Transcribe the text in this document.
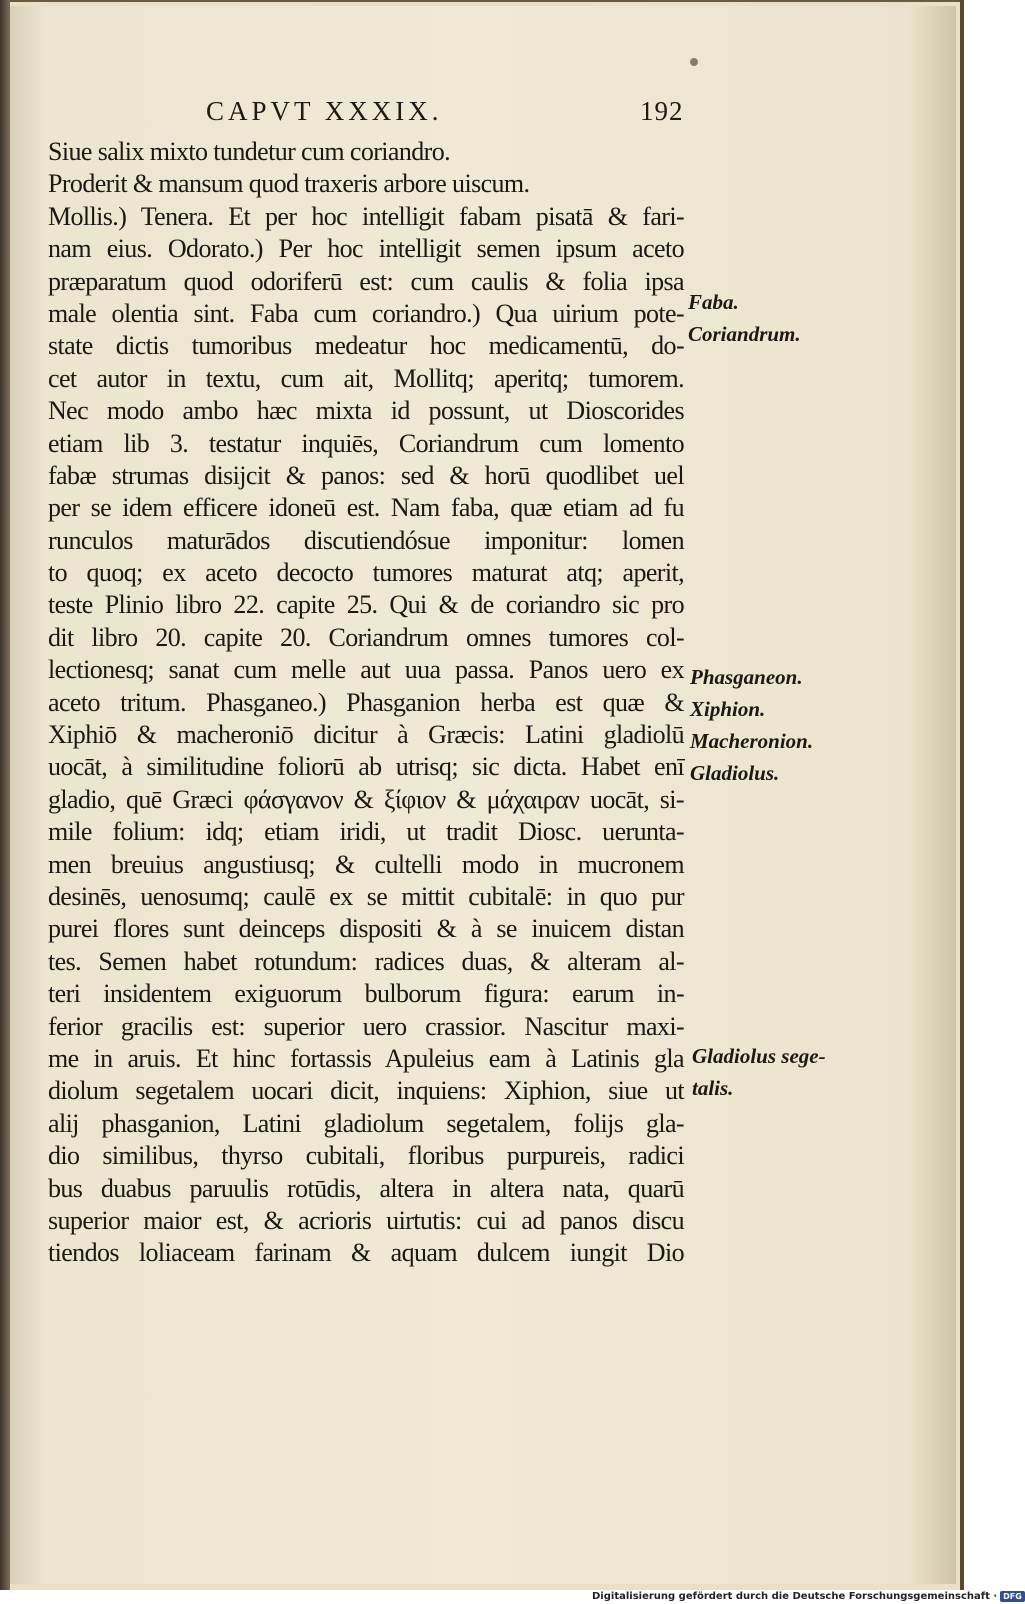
CAPVT XXXIX.	192
Siue salix mixto tundetur cum coriandro.
Proderit & mansum quod traxeris arbore uiscum.
Mollis.) Tenera. Et per hoc intelligit fabam pisatā & fari-
nam eius. Odorato.) Per hoc intelligit semen ipsum aceto
præparatum quod odoriferū est: cum caulis & folia ipsa
male olentia sint. Faba cum coriandro.) Qua uirium pote-
state dictis tumoribus medeatur hoc medicamentū, do-
cet autor in textu, cum ait, Mollitq; aperitq; tumorem.
Nec modo ambo hæc mixta id possunt, ut Dioscorides
etiam lib 3. testatur inquiēs, Coriandrum cum lomento
fabæ strumas disijcit & panos: sed & horū quodlibet uel
per se idem efficere idoneū est. Nam faba, quæ etiam ad fu
runculos maturādos discutiendósue imponitur: lomen
to quoq; ex aceto decocto tumores maturat atq; aperit,
teste Plinio libro 22. capite 25. Qui & de coriandro sic pro
dit libro 20. capite 20. Coriandrum omnes tumores col-
lectionesq; sanat cum melle aut uua passa. Panos uero ex
aceto tritum. Phasganeo.) Phasganion herba est quæ &
Xiphiō & macheroniō dicitur à Græcis: Latini gladiolū
uocāt, à similitudine foliorū ab utrisq; sic dicta. Habet enī
gladio, quē Græci φάσγανον & ξίφιον & μάχαιραν uocāt, si-
mile folium: idq; etiam iridi, ut tradit Diosc. uerunta-
men breuius angustiusq; & cultelli modo in mucronem
desinēs, uenosumq; caulē ex se mittit cubitalē: in quo pur
purei flores sunt deinceps dispositi & à se inuicem distan
tes. Semen habet rotundum: radices duas, & alteram al-
teri insidentem exiguorum bulborum figura: earum in-
ferior gracilis est: superior uero crassior. Nascitur maxi-
me in aruis. Et hinc fortassis Apuleius eam à Latinis gla
diolum segetalem uocari dicit, inquiens: Xiphion, siue ut
alij phasganion, Latini gladiolum segetalem, folijs gla-
dio similibus, thyrso cubitali, floribus purpureis, radici
bus duabus paruulis rotūdis, altera in altera nata, quarū
superior maior est, & acrioris uirtutis: cui ad panos discu
tiendos loliaceam farinam & aquam dulcem iungit Dio
Faba.
Coriandrum.
Phasganeon.
Xiphion.
Macheronion.
Gladiolus.
Gladiolus sege-
talis.
Digitalisierung gefördert durch die Deutsche Forschungsgemeinschaft · DFG
